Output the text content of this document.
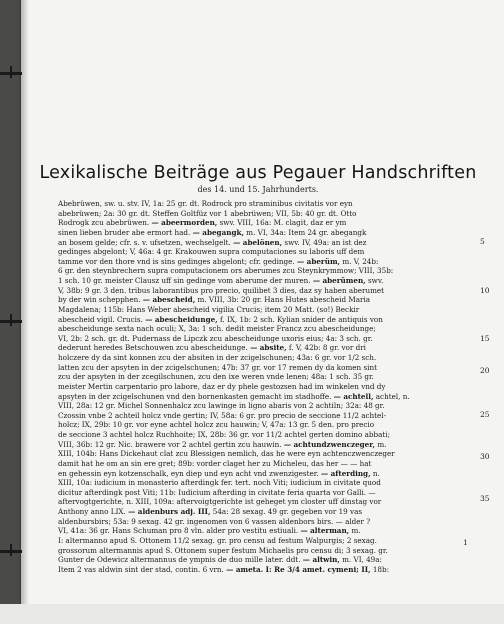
Lexikalische Beiträge aus Pegauer Handschriften
des 14. und 15. Jahrhunderts.
Abebrüwen, sw. u. stv. IV, 1a: 25 gr. dt. Rodrock pro straminibus civitatis vor eyn
abebrüwen; 2a: 30 gr. dt. Steffen Goltfüz vor 1 abebrüwen; VII, 5b: 40 gr. dt. Otto
Rodrogk zcu abebrüwen. — abeermorden, swv. VIII, 16a: M. clagit, daz er ym
sinen lieben bruder abe ermort had. — abegangk, m. VI, 34a: Item 24 gr. abegangk
an bosem gelde; cfr. s. v. ufsetzen, wechselgelt. — abelönen, swv. IV, 49a: an ist dez
gedinges abgelont; V, 46a: 4 gr. Krakouwen supra computaciones su laboris uff dem
tamme vor den thore vnd is sins gedinges abgelont; cfr. gedinge. — aberüm, m. V, 24b:
6 gr. den steynbrechern supra computacionem ors aberumes zcu Steynkrymmow; VIII, 35b:
1 sch. 10 gr. meister Clausz uff sin gedinge vom aberume der muren. — aberümen, swv.
V, 38b: 9 gr. 3 den. tribus laborantibus pro precio, quilibet 3 dies, daz sy haben aberumet
by der win schepphen. — abescheid, m. VIII, 3b: 20 gr. Hans Hutes abescheid Maria
Magdalena; 115b: Hans Weber abescheid vigilia Crucis; item 20 Matt. (so!) Beckir
abescheid vigil. Crucis. — abescheidunge, f. IX, 1b: 2 sch. Kylian snider de antiquis von
abescheidunge sexta nach oculi; X, 3a: 1 sch. dedit meister Francz zcu abescheidunge;
VI, 2b: 2 sch. gr. dt. Pudernass de Lipczk zcu abescheidunge uxoris eius; 4a: 3 sch. gr.
dederunt heredes Betschouwen zcu abescheidunge. — absite, f. V, 42b: 8 gr. vor dri
holczere dy da sint konnen zcu der absiten in der zcigelschunen; 43a: 6 gr. vor 1/2 sch.
latten zcu der apsyten in der zcigelschunen; 47b: 37 gr. vor 17 remen dy da komen sint
zcu der apsyten in der zcegilschunen, zcu den ixe weren vnde lenen; 48a: 1 sch. 35 gr.
meister Mertin carpentario pro labore, daz er dy phele gestozsen had im winkelen vnd dy
apsyten in der zcigelschunen vnd den bornenkasten gemacht im stadhoffe. — achtell, achtel, n.
VIII, 28a: 12 gr. Michel Sonnenhalcz zcu lawinge in ligno abaris von 2 achtiln; 32a: 48 gr.
Czossin vnbe 2 achteil holcz vnde gertin; IV, 58a: 6 gr. pro precio de seccione 11/2 achtel-
holcz; IX, 29b: 10 gr. vor eyne achtel holcz zcu hauwin; V, 47a: 13 gr. 5 den. pro precio
de seccione 3 achtel holcz Ruchhoite; IX, 28b: 36 gr. vor 11/2 achtel gerten domino abbati;
VIII, 36b: 12 gr. Nic. brawere vor 2 achtel gertin zcu hauwin. — achtundzwenczeger, m.
XIII, 104b: Hans Dickehaut clat zcu Blessigen nemlich, das he were eyn achtenczwenczeger
damit hat he om an sin ere gret; 89b: vorder claget her zu Micheleu, das her — — hat
en gehessin eyn kotzenschalk, eyn diep und eyn acht vnd zwenzigester. — afterding, n.
XIII, 10a: iudicium in monasterio afterdingk fer. tert. noch Viti; iudicium in civitate quod
dicitur afterdingk post Viti; 11b: Iudicium afterding in civitate feria quarta vor Galli. —
aftervogtgerichte, n. XIII, 109a: aftervoigtgerichte ist geheget ym closter uff dinstag vor
Anthony anno LIX. — aldenburs adj. III, 54a: 28 sexag. 49 gr. gegeben vor 19 vas
aldenbursbirs; 53a: 9 sexag. 42 gr. ingenomen von 6 vassen aldenbors birs. — alder ?
VI, 41a: 36 gr. Hans Schuman pro 8 vln. alder pro vestitu estiuali. — alterman, m.
I: altermanno apud S. Ottonem 11/2 sexag. gr. pro censu ad festum Walpurgis; 2 sexag.
grossorum altermannis apud S. Ottonem super festum Michaelis pro censu di; 3 sexag. gr.
Gunter de Odewicz altermannus de ympnis de duo mille later. ddt. — altwin, m. VI, 49a:
Item 2 vas aldwin sint der stad, contin. 6 vrn. — ameta. I: Re 3/4 amet. cymeni; II, 18b:
5
10
15
20
25
30
35
1
